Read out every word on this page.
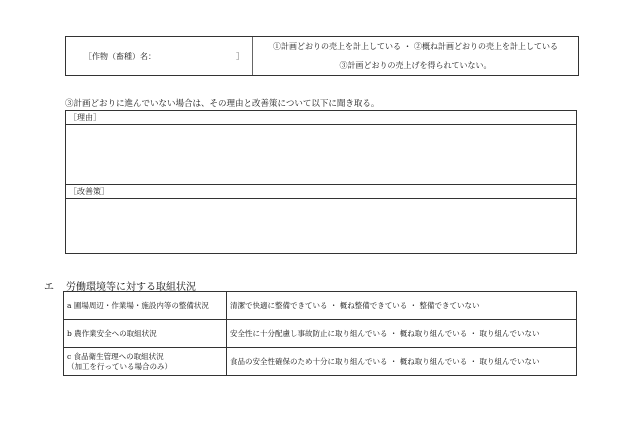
［作物（畜種）名：	］
①計画どおりの売上を計上している ・ ②概ね計画どおりの売上を計上している
③計画どおりの売上げを得られていない。
③計画どおりに進んでいない場合は、その理由と改善策について以下に聞き取る。
［理由］
［改善策］
エ 労働環境等に対する取組状況
a 圃場周辺・作業場・施設内等の整備状況	清潔で快適に整備できている ・ 概ね整備できている ・ 整備できていない
b 農作業安全への取組状況	安全性に十分配慮し事故防止に取り組んでいる ・ 概ね取り組んでいる ・ 取り組んでいない
c 食品衛生管理への取組状況
（加工を行っている場合のみ）	食品の安全性確保のため十分に取り組んでいる ・ 概ね取り組んでいる ・ 取り組んでいない
